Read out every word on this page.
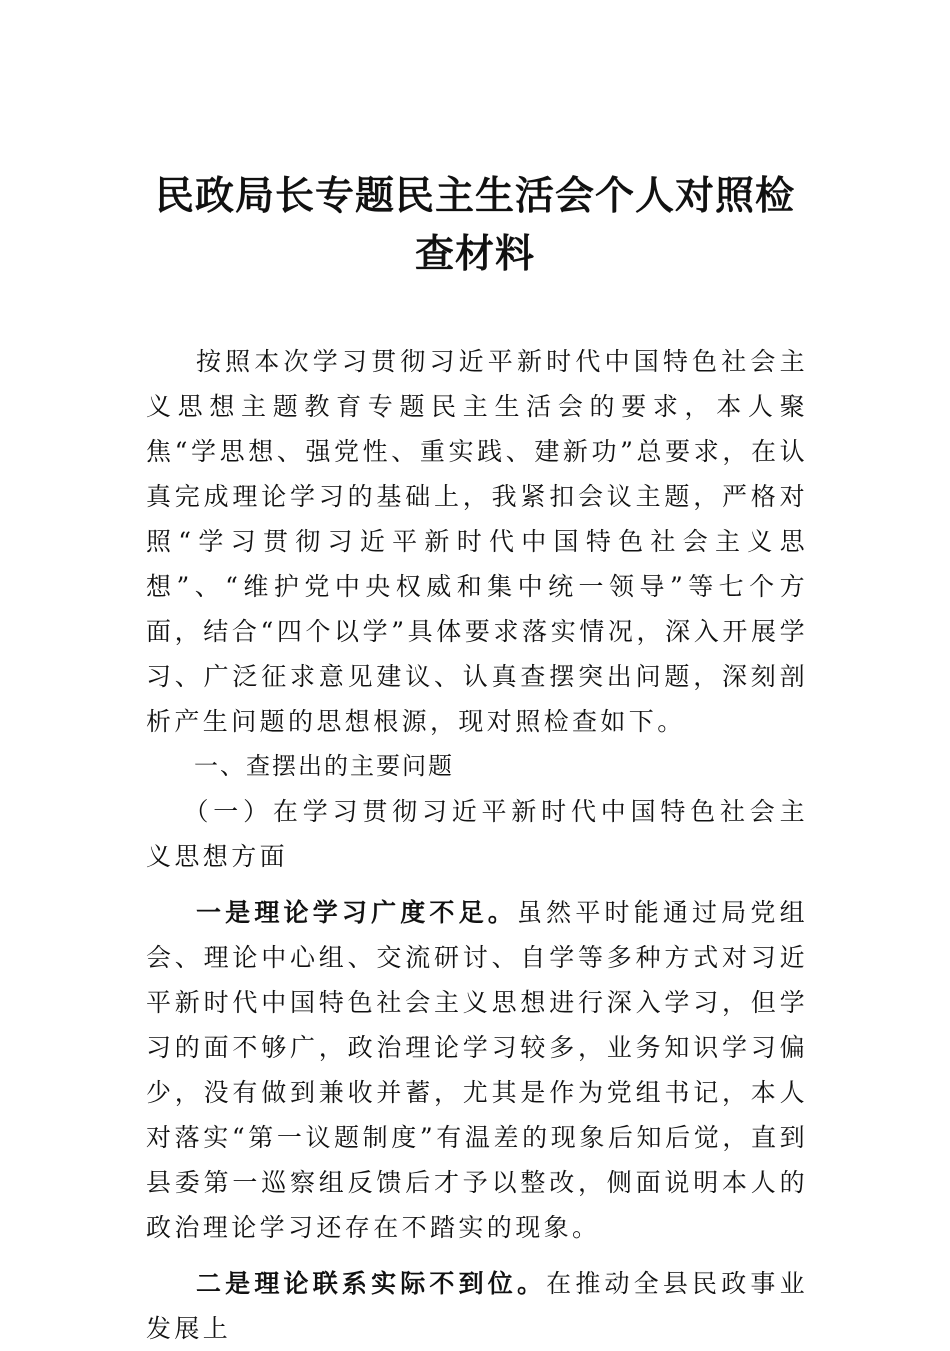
民政局长专题民主生活会个人对照检查材料

按照本次学习贯彻习近平新时代中国特色社会主义思想主题教育专题民主生活会的要求，本人聚焦“学思想、强党性、重实践、建新功”总要求，在认真完成理论学习的基础上，我紧扣会议主题，严格对照“学习贯彻习近平新时代中国特色社会主义思想”、“维护党中央权威和集中统一领导”等七个方面，结合“四个以学”具体要求落实情况，深入开展学习、广泛征求意见建议、认真查摆突出问题，深刻剖析产生问题的思想根源，现对照检查如下。

一、查摆出的主要问题

（一）在学习贯彻习近平新时代中国特色社会主义思想方面

一是理论学习广度不足。虽然平时能通过局党组会、理论中心组、交流研讨、自学等多种方式对习近平新时代中国特色社会主义思想进行深入学习，但学习的面不够广，政治理论学习较多，业务知识学习偏少，没有做到兼收并蓄，尤其是作为党组书记，本人对落实“第一议题制度”有温差的现象后知后觉，直到县委第一巡察组反馈后才予以整改，侧面说明本人的政治理论学习还存在不踏实的现象。

二是理论联系实际不到位。在推动全县民政事业发展上
